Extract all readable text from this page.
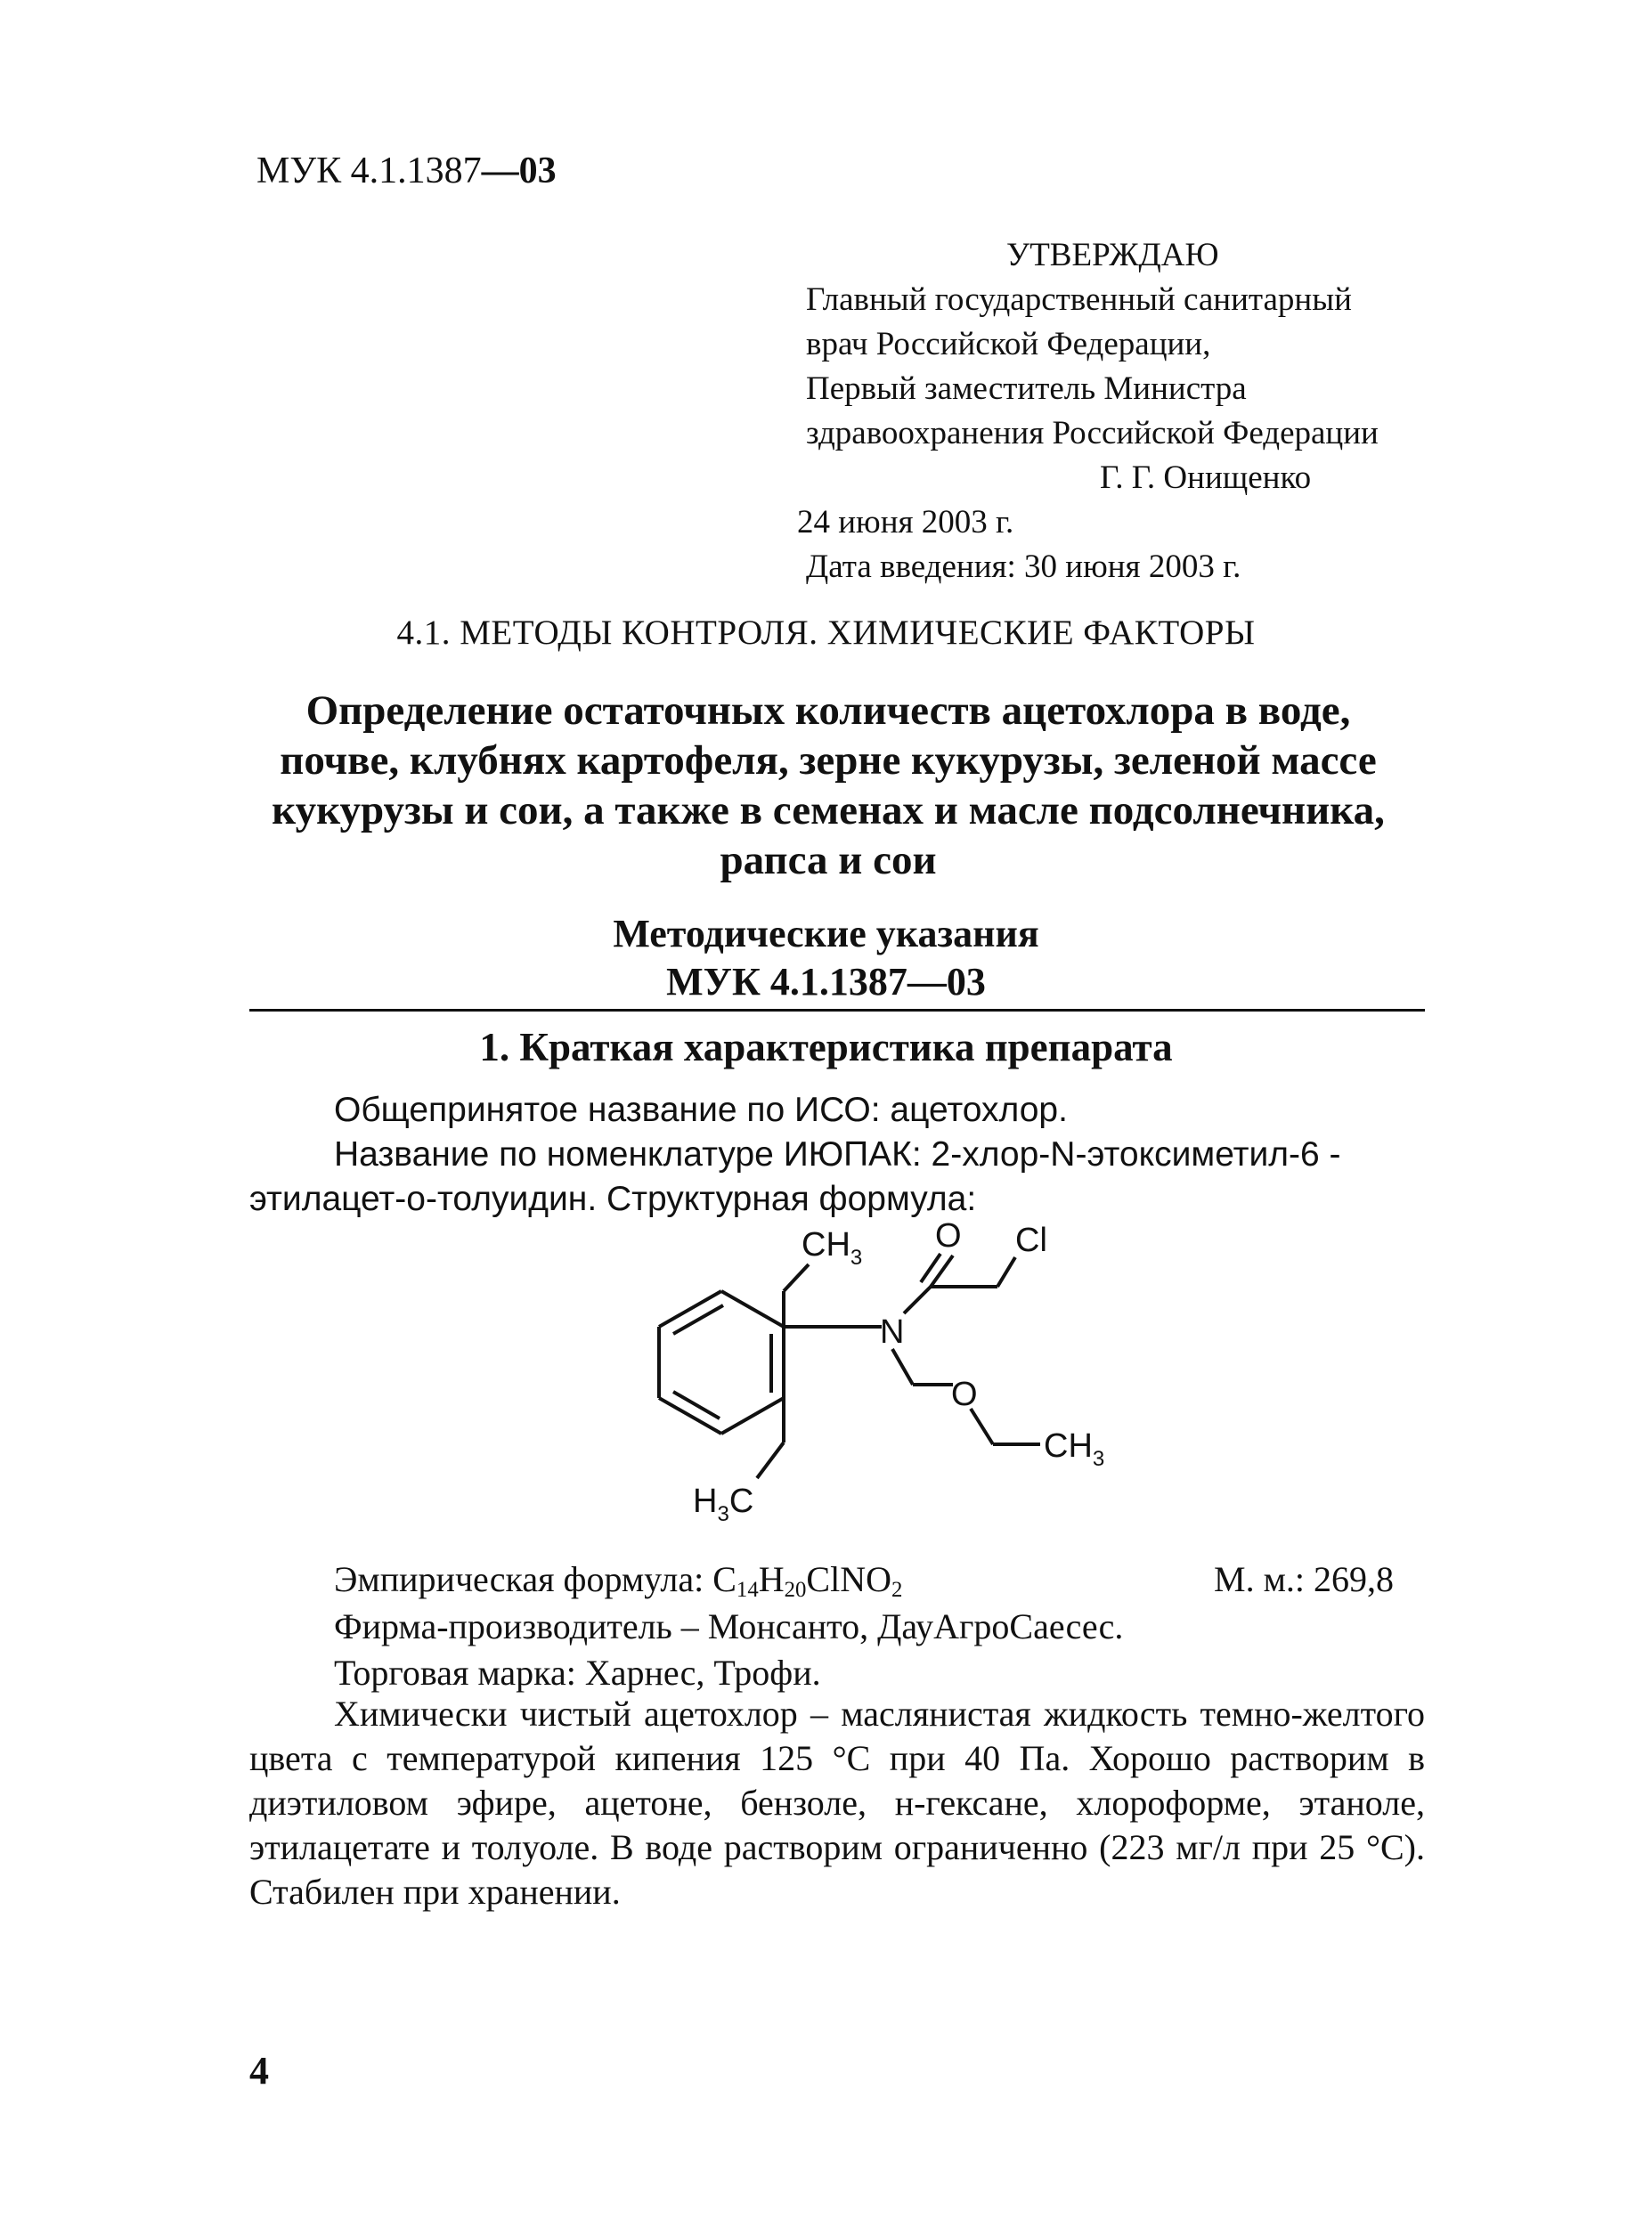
МУК 4.1.1387—03
УТВЕРЖДАЮ
Главный государственный санитарный
врач Российской Федерации,
Первый заместитель Министра
здравоохранения Российской Федерации
Г. Г. Онищенко
24 июня 2003 г.
Дата введения: 30 июня 2003 г.
4.1. МЕТОДЫ КОНТРОЛЯ. ХИМИЧЕСКИЕ ФАКТОРЫ
Определение остаточных количеств ацетохлора в воде,
почве, клубнях картофеля, зерне кукурузы, зеленой массе
кукурузы и сои, а также в семенах и масле подсолнечника,
рапса и сои
Методические указания
МУК 4.1.1387—03
1. Краткая характеристика препарата
Общепринятое название по ИСО: ацетохлор.
Название по номенклатуре ИЮПАК: 2-хлор-N-этоксиметил-6 -
этилацет-о-толуидин. Структурная формула:
$CH_3$
O Cl
N
O
$CH_3$
$H_3C$
Эмпирическая формула: $C_{14}H_{20}ClNO_2$	М. м.: 269,8
Фирма-производитель – Монсанто, ДауАгроСаесес.
Торговая марка: Харнес, Трофи.
Химически чистый ацетохлор – маслянистая жидкость темно-желтого цвета с температурой кипения 125 °С при 40 Па. Хорошо растворим в диэтиловом эфире, ацетоне, бензоле, н-гексане, хлороформе, этаноле, этилацетате и толуоле. В воде растворим ограниченно (223 мг/л при 25 °С). Стабилен при хранении.
4
